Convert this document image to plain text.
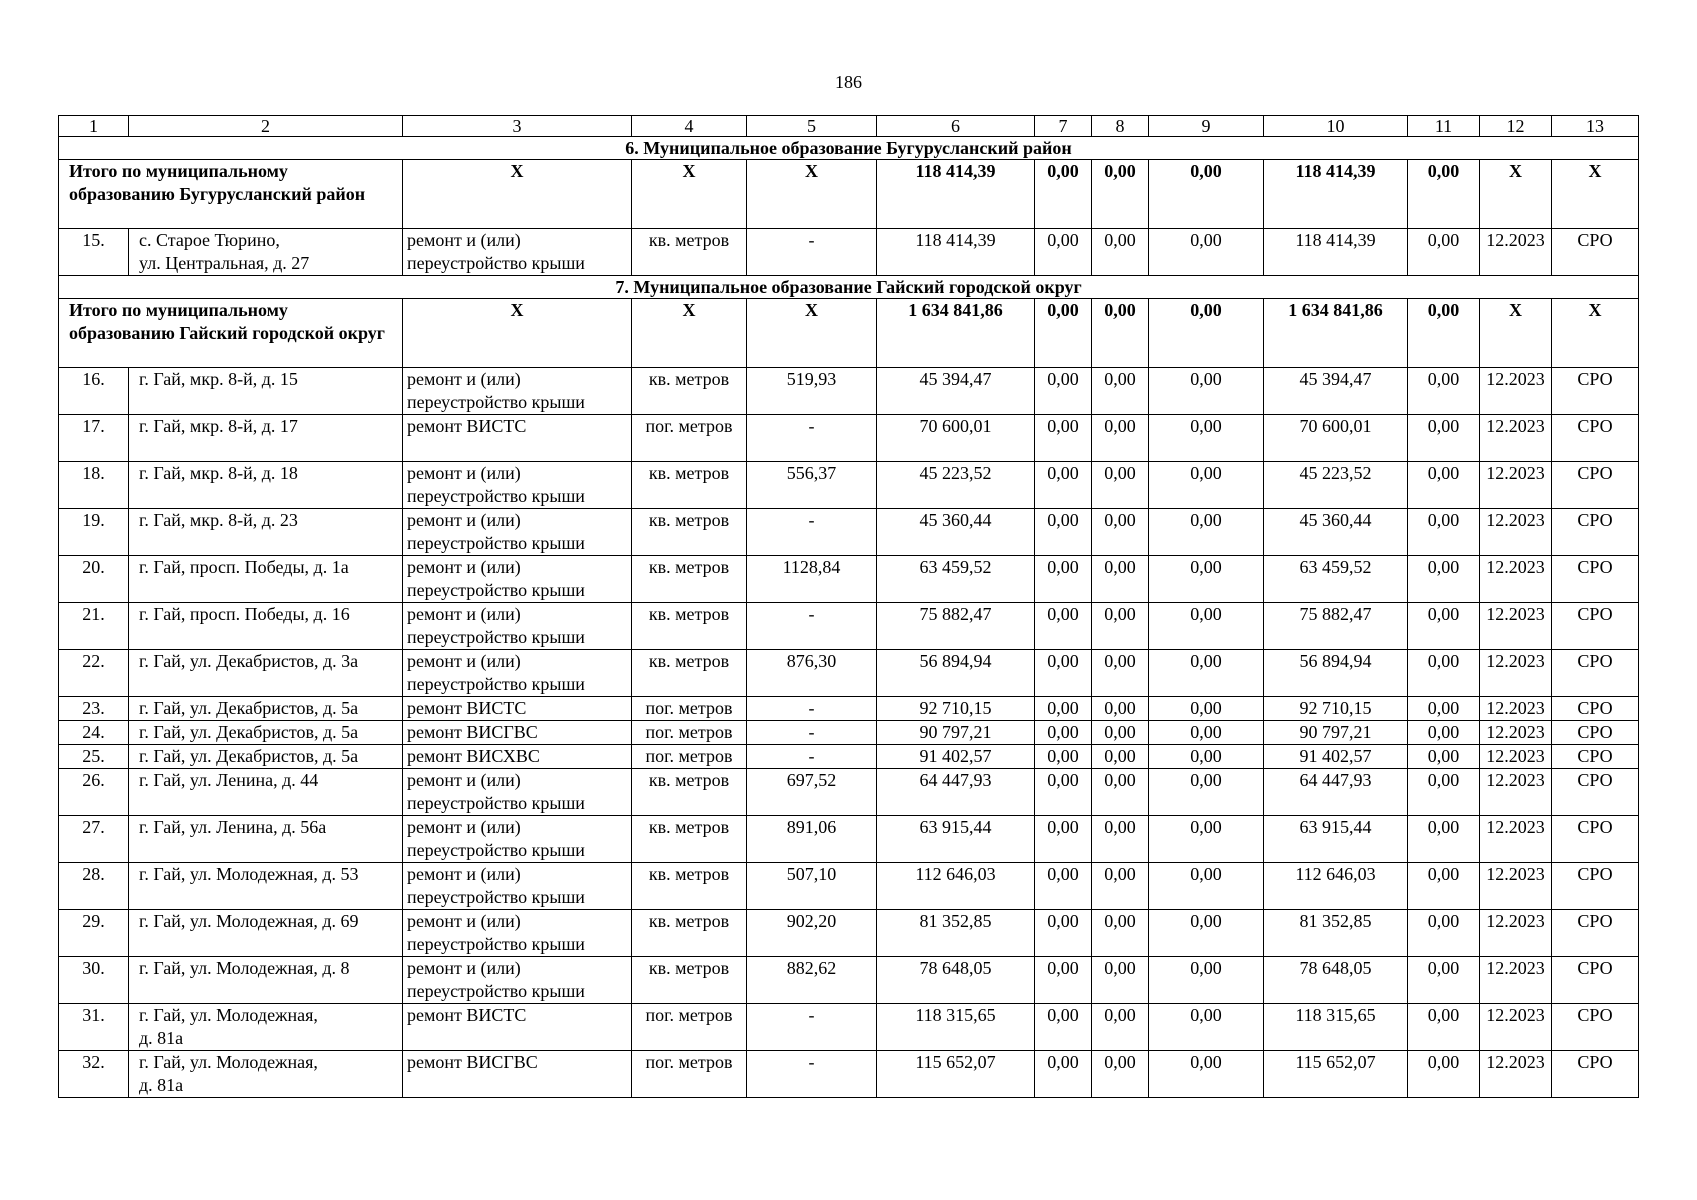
186
1	2	3	4	5	6	7	8	9	10	11	12	13
6. Муниципальное образование Бугурусланский район												
Итого по муниципальному образованию Бугурусланский район		Х	Х	Х	118 414,39	0,00	0,00	0,00	118 414,39	0,00	Х	Х
15.	с. Старое Тюрино,
ул. Центральная, д. 27	ремонт и (или) переустройство крыши	кв. метров	-	118 414,39	0,00	0,00	0,00	118 414,39	0,00	12.2023	СРО
7. Муниципальное образование Гайский городской округ												
Итого по муниципальному образованию Гайский городской округ		Х	Х	Х	1 634 841,86	0,00	0,00	0,00	1 634 841,86	0,00	Х	Х
16.	г. Гай, мкр. 8-й, д. 15	ремонт и (или) переустройство крыши	кв. метров	519,93	45 394,47	0,00	0,00	0,00	45 394,47	0,00	12.2023	СРО
17.	г. Гай, мкр. 8-й, д. 17	ремонт ВИСТС	пог. метров	-	70 600,01	0,00	0,00	0,00	70 600,01	0,00	12.2023	СРО
18.	г. Гай, мкр. 8-й, д. 18	ремонт и (или) переустройство крыши	кв. метров	556,37	45 223,52	0,00	0,00	0,00	45 223,52	0,00	12.2023	СРО
19.	г. Гай, мкр. 8-й, д. 23	ремонт и (или) переустройство крыши	кв. метров	-	45 360,44	0,00	0,00	0,00	45 360,44	0,00	12.2023	СРО
20.	г. Гай, просп. Победы, д. 1а	ремонт и (или) переустройство крыши	кв. метров	1128,84	63 459,52	0,00	0,00	0,00	63 459,52	0,00	12.2023	СРО
21.	г. Гай, просп. Победы, д. 16	ремонт и (или) переустройство крыши	кв. метров	-	75 882,47	0,00	0,00	0,00	75 882,47	0,00	12.2023	СРО
22.	г. Гай, ул. Декабристов, д. 3а	ремонт и (или) переустройство крыши	кв. метров	876,30	56 894,94	0,00	0,00	0,00	56 894,94	0,00	12.2023	СРО
23.	г. Гай, ул. Декабристов, д. 5а	ремонт ВИСТС	пог. метров	-	92 710,15	0,00	0,00	0,00	92 710,15	0,00	12.2023	СРО
24.	г. Гай, ул. Декабристов, д. 5а	ремонт ВИСГВС	пог. метров	-	90 797,21	0,00	0,00	0,00	90 797,21	0,00	12.2023	СРО
25.	г. Гай, ул. Декабристов, д. 5а	ремонт ВИСХВС	пог. метров	-	91 402,57	0,00	0,00	0,00	91 402,57	0,00	12.2023	СРО
26.	г. Гай, ул. Ленина, д. 44	ремонт и (или) переустройство крыши	кв. метров	697,52	64 447,93	0,00	0,00	0,00	64 447,93	0,00	12.2023	СРО
27.	г. Гай, ул. Ленина, д. 56а	ремонт и (или) переустройство крыши	кв. метров	891,06	63 915,44	0,00	0,00	0,00	63 915,44	0,00	12.2023	СРО
28.	г. Гай, ул. Молодежная, д. 53	ремонт и (или) переустройство крыши	кв. метров	507,10	112 646,03	0,00	0,00	0,00	112 646,03	0,00	12.2023	СРО
29.	г. Гай, ул. Молодежная, д. 69	ремонт и (или) переустройство крыши	кв. метров	902,20	81 352,85	0,00	0,00	0,00	81 352,85	0,00	12.2023	СРО
30.	г. Гай, ул. Молодежная, д. 8	ремонт и (или) переустройство крыши	кв. метров	882,62	78 648,05	0,00	0,00	0,00	78 648,05	0,00	12.2023	СРО
31.	г. Гай, ул. Молодежная,
д. 81а	ремонт ВИСТС	пог. метров	-	118 315,65	0,00	0,00	0,00	118 315,65	0,00	12.2023	СРО
32.	г. Гай, ул. Молодежная,
д. 81а	ремонт ВИСГВС	пог. метров	-	115 652,07	0,00	0,00	0,00	115 652,07	0,00	12.2023	СРО
